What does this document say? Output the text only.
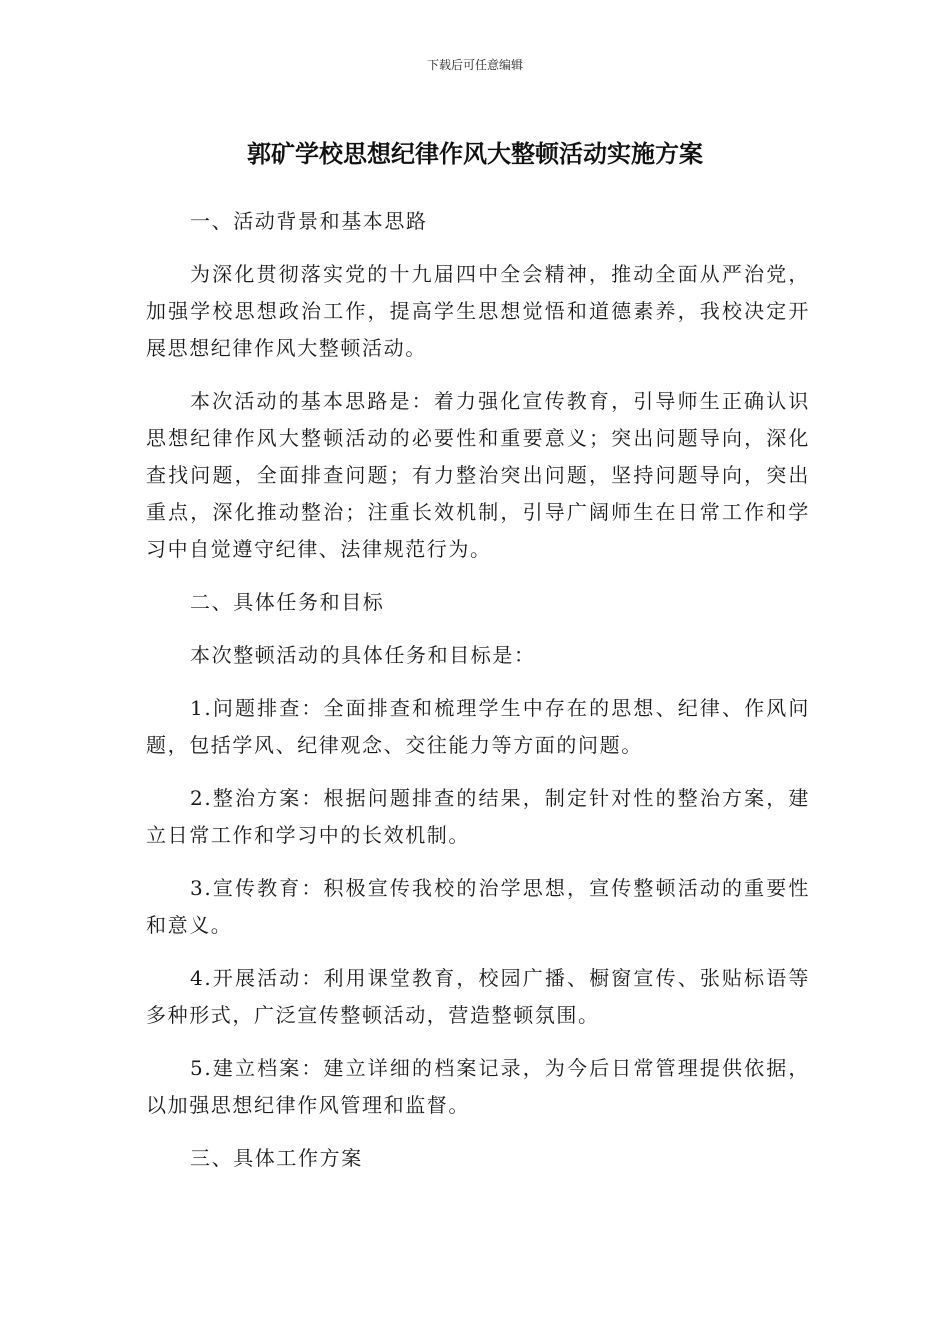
下载后可任意编辑
郭矿学校思想纪律作风大整顿活动实施方案

一、活动背景和基本思路

为深化贯彻落实党的十九届四中全会精神，推动全面从严治党，加强学校思想政治工作，提高学生思想觉悟和道德素养，我校决定开展思想纪律作风大整顿活动。

本次活动的基本思路是：着力强化宣传教育，引导师生正确认识思想纪律作风大整顿活动的必要性和重要意义；突出问题导向，深化查找问题，全面排查问题；有力整治突出问题，坚持问题导向，突出重点，深化推动整治；注重长效机制，引导广阔师生在日常工作和学习中自觉遵守纪律、法律规范行为。

二、具体任务和目标

本次整顿活动的具体任务和目标是：

1.问题排查：全面排查和梳理学生中存在的思想、纪律、作风问题，包括学风、纪律观念、交往能力等方面的问题。

2.整治方案：根据问题排查的结果，制定针对性的整治方案，建立日常工作和学习中的长效机制。

3.宣传教育：积极宣传我校的治学思想，宣传整顿活动的重要性和意义。

4.开展活动：利用课堂教育，校园广播、橱窗宣传、张贴标语等多种形式，广泛宣传整顿活动，营造整顿氛围。

5.建立档案：建立详细的档案记录，为今后日常管理提供依据，以加强思想纪律作风管理和监督。

三、具体工作方案
